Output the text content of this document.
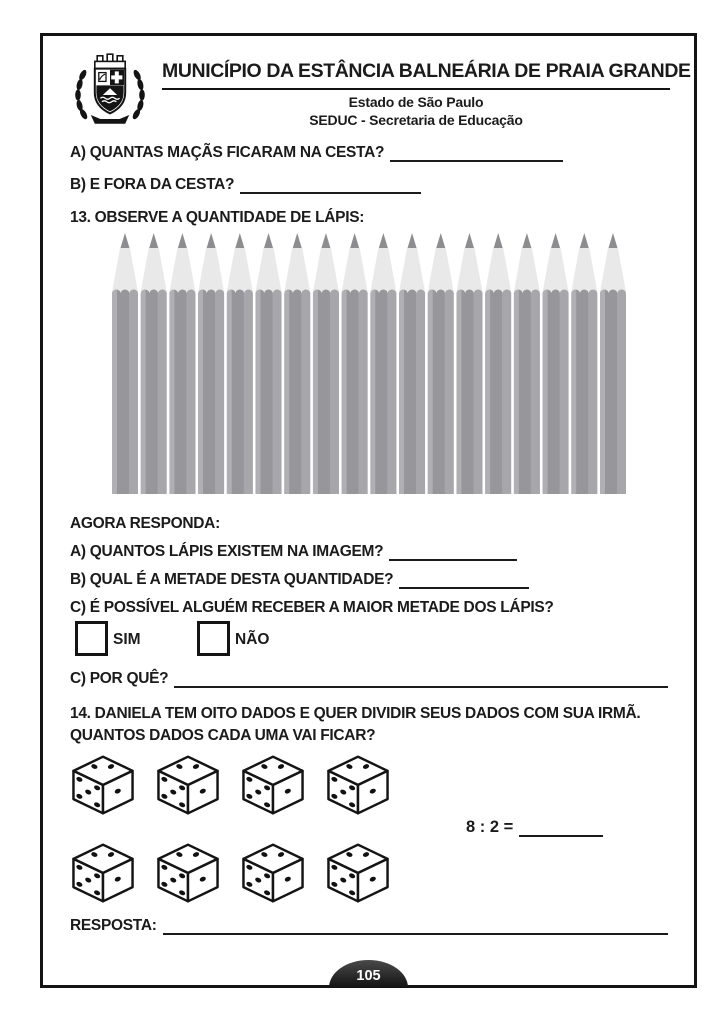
MUNICÍPIO DA ESTÂNCIA BALNEÁRIA DE PRAIA GRANDE
Estado de São Paulo
SEDUC - Secretaria de Educação
A) QUANTAS MAÇÃS FICARAM NA CESTA?
B) E FORA DA CESTA?
13. OBSERVE A QUANTIDADE DE LÁPIS:
AGORA RESPONDA:
A) QUANTOS LÁPIS EXISTEM NA IMAGEM?
B) QUAL É A METADE DESTA QUANTIDADE?
C) É POSSÍVEL ALGUÉM RECEBER A MAIOR METADE DOS LÁPIS?
SIM	NÃO
C) POR QUÊ?
14. DANIELA TEM OITO DADOS E QUER DIVIDIR SEUS DADOS COM SUA IRMÃ.
QUANTOS DADOS CADA UMA VAI FICAR?
8 : 2 =
RESPOSTA:
105
